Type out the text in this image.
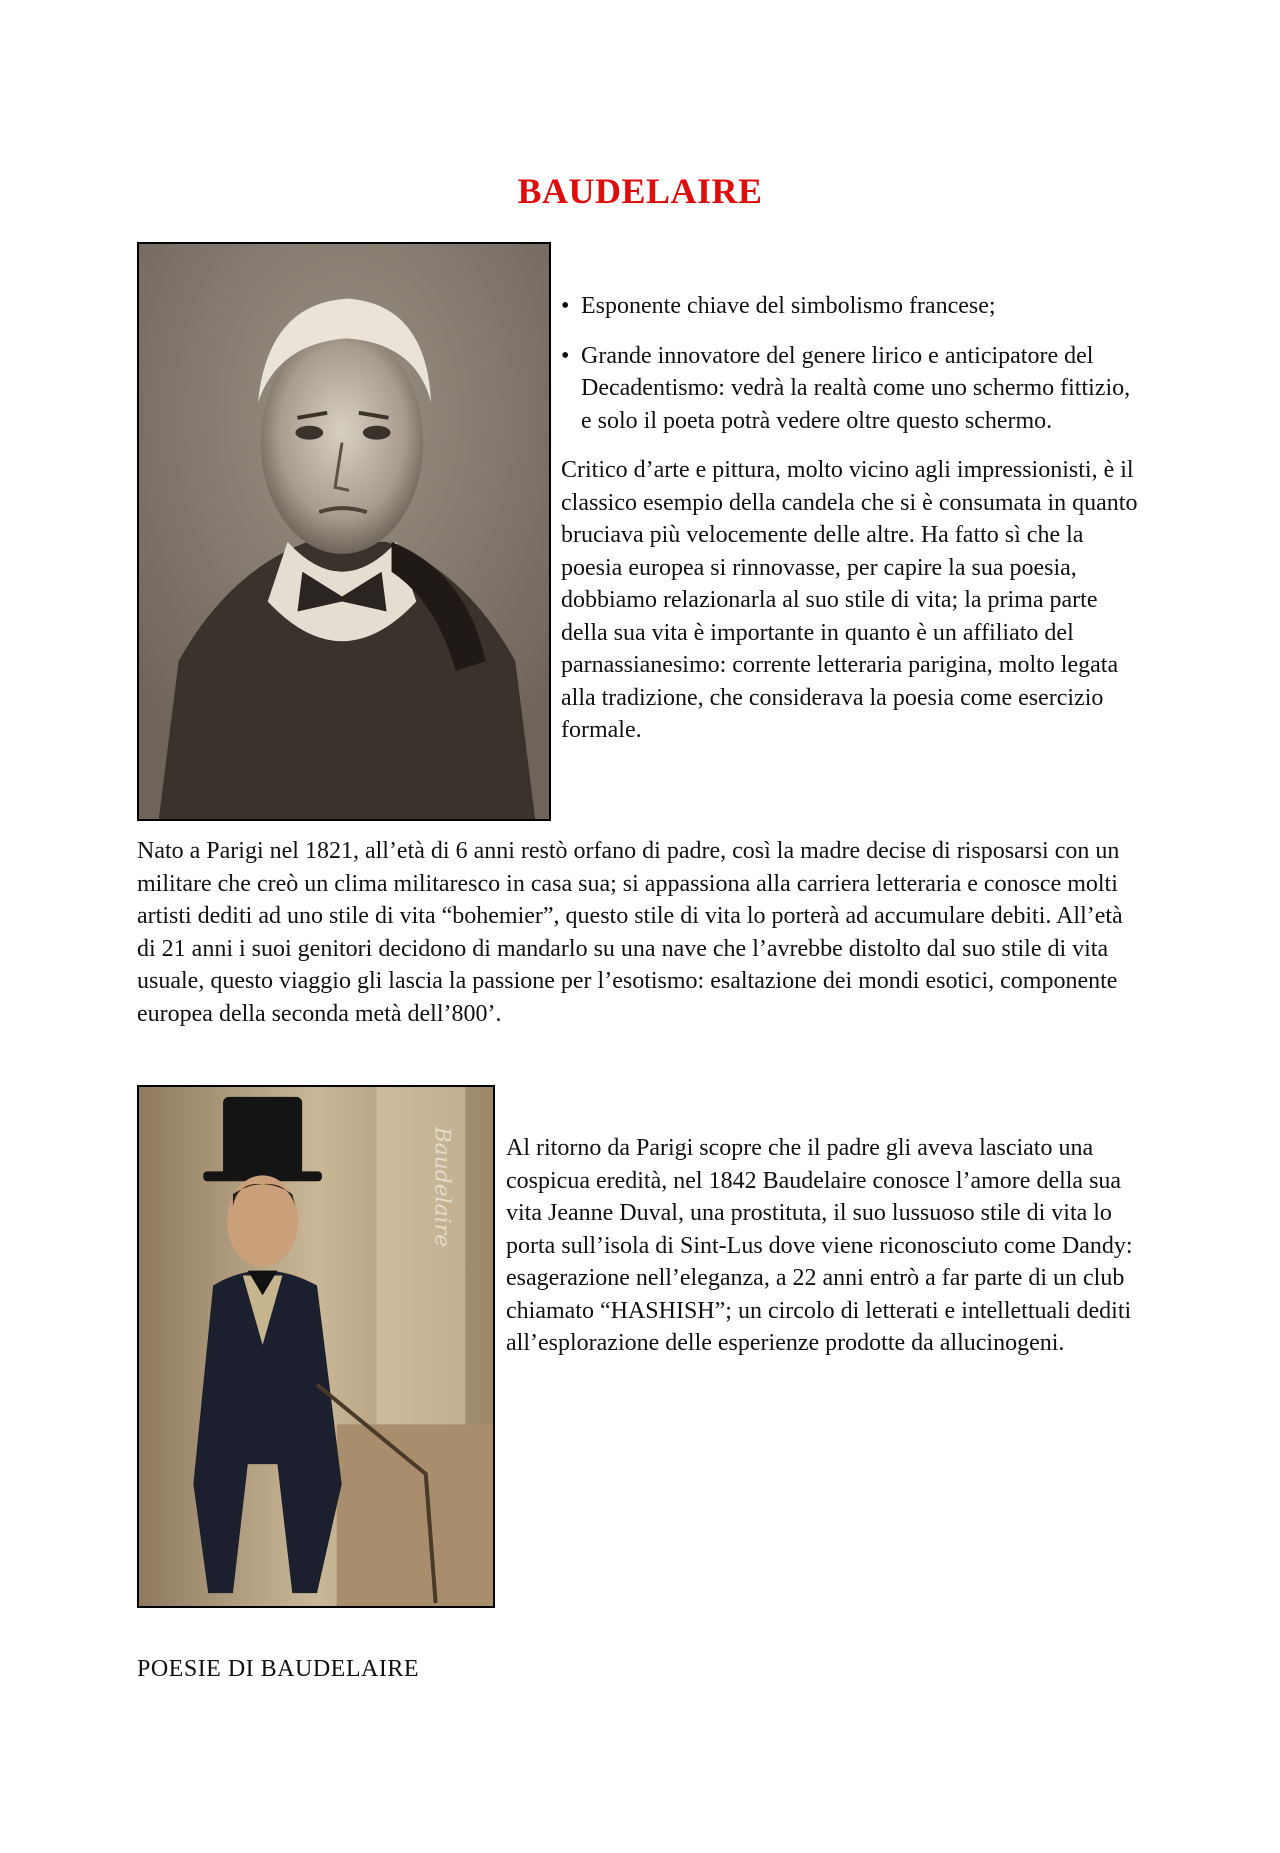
BAUDELAIRE
• Esponente chiave del simbolismo francese;
• Grande innovatore del genere lirico e anticipatore del Decadentismo: vedrà la realtà come uno schermo fittizio, e solo il poeta potrà vedere oltre questo schermo.

Critico d’arte e pittura, molto vicino agli impressionisti, è il classico esempio della candela che si è consumata in quanto bruciava più velocemente delle altre. Ha fatto sì che la poesia europea si rinnovasse, per capire la sua poesia, dobbiamo relazionarla al suo stile di vita; la prima parte della sua vita è importante in quanto è un affiliato del parnassianesimo: corrente letteraria parigina, molto legata alla tradizione, che considerava la poesia come esercizio formale.

Nato a Parigi nel 1821, all’età di 6 anni restò orfano di padre, così la madre decise di risposarsi con un militare che creò un clima militaresco in casa sua; si appassiona alla carriera letteraria e conosce molti artisti dediti ad uno stile di vita “bohemier”, questo stile di vita lo porterà ad accumulare debiti. All’età di 21 anni i suoi genitori decidono di mandarlo su una nave che l’avrebbe distolto dal suo stile di vita usuale, questo viaggio gli lascia la passione per l’esotismo: esaltazione dei mondi esotici, componente europea della seconda metà dell’800’.

Baudelaire Al ritorno da Parigi scopre che il padre gli aveva lasciato una cospicua eredità, nel 1842 Baudelaire conosce l’amore della sua vita Jeanne Duval, una prostituta, il suo lussuoso stile di vita lo porta sull’isola di Sint-Lus dove viene riconosciuto come Dandy: esagerazione nell’eleganza, a 22 anni entrò a far parte di un club chiamato “HASHISH”; un circolo di letterati e intellettuali dediti all’esplorazione delle esperienze prodotte da allucinogeni.

POESIE DI BAUDELAIRE
